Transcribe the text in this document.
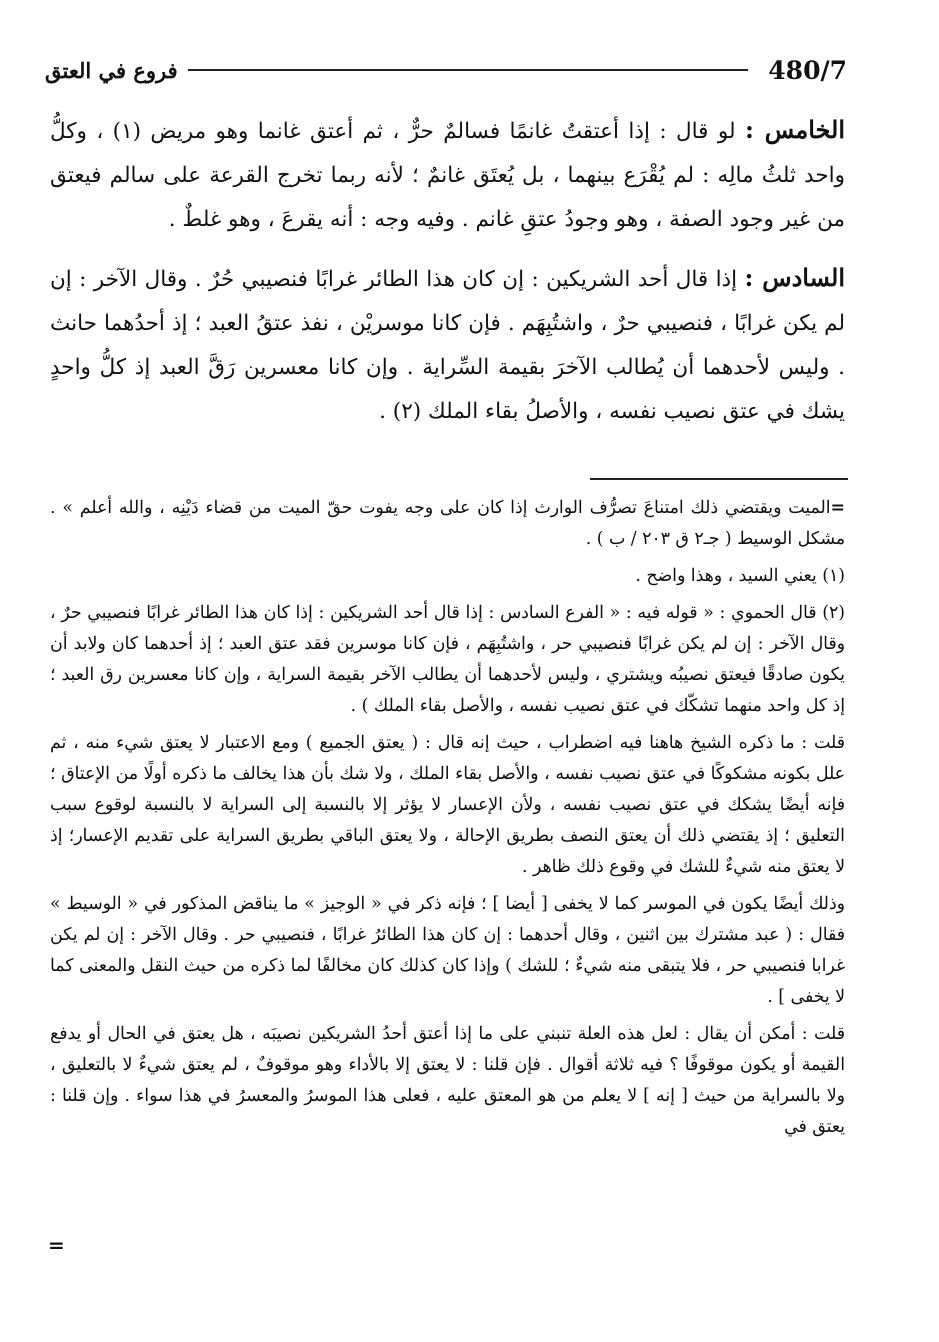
480/7
فروع في العتق

الخامس : لو قال : إذا أعتقتُ غانمًا فسالمٌ حرٌّ ، ثم أعتق غانما وهو مريض (١) ، وكلُّ واحد ثلثُ مالِه : لم يُقْرَع بينهما ، بل يُعتَق غانمٌ ؛ لأنه ربما تخرج القرعة على سالم فيعتق من غير وجود الصفة ، وهو وجودُ عتقِ غانم . وفيه وجه : أنه يقرعَ ، وهو غلطٌ .

السادس : إذا قال أحد الشريكين : إن كان هذا الطائر غرابًا فنصيبي حُرٌ . وقال الآخر : إن لم يكن غرابًا ، فنصيبي حرٌ ، واشتُبِهَم . فإن كانا موسريْن ، نفذ عتقُ العبد ؛ إذ أحدُهما حانث . وليس لأحدهما أن يُطالب الآخرَ بقيمة السِّراية . وإن كانا معسرين رَقَّ العبد إذ كلُّ واحدٍ يشك في عتق نصيب نفسه ، والأصلُ بقاء الملك (٢) .

=الميت ويقتضي ذلك امتناعَ تصرُّف الوارث إذا كان على وجه يفوت حقّ الميت من قضاء دَيْنِه ، والله أعلم » . مشكل الوسيط ( جـ٢ ق ٢٠٣ / ب ) .

(١) يعني السيد ، وهذا واضح .

(٢) قال الحموي : « قوله فيه : « الفرع السادس : إذا قال أحد الشريكين : إذا كان هذا الطائر غرابًا فنصيبي حرٌ ، وقال الآخر : إن لم يكن غرابًا فنصيبي حر ، واشتُبِهَم ، فإن كانا موسرين فقد عتق العبد ؛ إذ أحدهما كان ولابد أن يكون صادقًا فيعتق نصيبُه ويشتري ، وليس لأحدهما أن يطالب الآخر بقيمة السراية ، وإن كانا معسرين رق العبد ؛ إذ كل واحد منهما تشكّك في عتق نصيب نفسه ، والأصل بقاء الملك ) .

قلت : ما ذكره الشيخ هاهنا فيه اضطراب ، حيث إنه قال : ( يعتق الجميع ) ومع الاعتبار لا يعتق شيء منه ، ثم علل بكونه مشكوكًا في عتق نصيب نفسه ، والأصل بقاء الملك ، ولا شك بأن هذا يخالف ما ذكره أولًا من الإعتاق ؛ فإنه أيضًا يشكك في عتق نصيب نفسه ، ولأن الإعسار لا يؤثر إلا بالنسبة إلى السراية لا بالنسبة لوقوع سبب التعليق ؛ إذ يقتضي ذلك أن يعتق النصف بطريق الإحالة ، ولا يعتق الباقي بطريق السراية على تقديم الإعسار؛ إذ لا يعتق منه شيءٌ للشك في وقوع ذلك ظاهر .

وذلك أيضًا يكون في الموسر كما لا يخفى [ أيضا ] ؛ فإنه ذكر في « الوجيز » ما يناقض المذكور في « الوسيط » فقال : ( عبد مشترك بين اثنين ، وقال أحدهما : إن كان هذا الطائرُ غرابًا ، فنصيبي حر . وقال الآخر : إن لم يكن غرابا فنصيبي حر ، فلا يتبقى منه شيءٌ ؛ للشك ) وإذا كان كذلك كان مخالفًا لما ذكره من حيث النقل والمعنى كما لا يخفى ] .

قلت : أمكن أن يقال : لعل هذه العلة تنبني على ما إذا أعتق أحدُ الشريكين نصيبَه ، هل يعتق في الحال أو يدفع القيمة أو يكون موقوفًا ؟ فيه ثلاثة أقوال . فإن قلنا : لا يعتق إلا بالأداء وهو موقوفٌ ، لم يعتق شيءٌ لا بالتعليق ، ولا بالسراية من حيث [ إنه ] لا يعلم من هو المعتق عليه ، فعلى هذا الموسرُ والمعسرُ في هذا سواء . وإن قلنا : يعتق في

=
